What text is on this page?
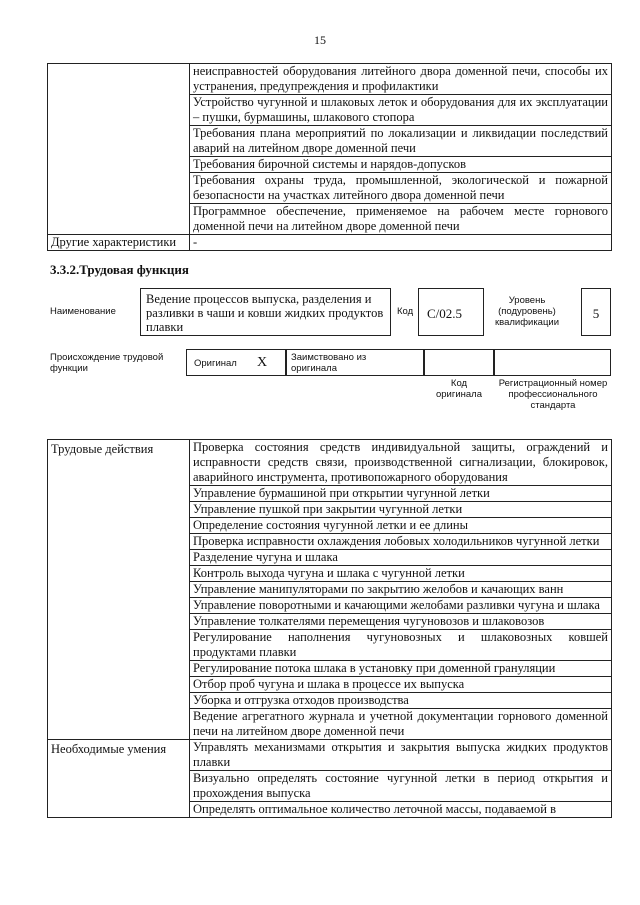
15
	неисправностей оборудования литейного двора доменной печи, способы их устранения, предупреждения и профилактики
	Устройство чугунной и шлаковых леток и оборудования для их эксплуатации – пушки, бурмашины, шлакового стопора
	Требования плана мероприятий по локализации и ликвидации последствий аварий на литейном дворе доменной печи
	Требования бирочной системы и нарядов-допусков
	Требования охраны труда, промышленной, экологической и пожарной безопасности на участках литейного двора доменной печи
	Программное обеспечение, применяемое на рабочем месте горнового доменной печи на литейном дворе доменной печи
Другие характеристики	-
3.3.2.Трудовая функция
Наименование
Ведение процессов выпуска, разделения и разливки в чаши и ковши жидких продуктов плавки
Код	С/02.5
Уровень (подуровень) квалификации
5
Происхождение трудовой функции	Оригинал X	Заимствовано из оригинала
Код оригинала
Регистрационный номер профессионального стандарта
Трудовые действия	Проверка состояния средств индивидуальной защиты, ограждений и исправности средств связи, производственной сигнализации, блокировок, аварийного инструмента, противопожарного оборудования
	Управление бурмашиной при открытии чугунной летки
	Управление пушкой при закрытии чугунной летки
	Определение состояния чугунной летки и ее длины
	Проверка исправности охлаждения лобовых холодильников чугунной летки
	Разделение чугуна и шлака
	Контроль выхода чугуна и шлака с чугунной летки
	Управление манипуляторами по закрытию желобов и качающих ванн
	Управление поворотными и качающими желобами разливки чугуна и шлака
	Управление толкателями перемещения чугуновозов и шлаковозов
	Регулирование наполнения чугуновозных и шлаковозных ковшей продуктами плавки
	Регулирование потока шлака в установку при доменной грануляции
	Отбор проб чугуна и шлака в процессе их выпуска
	Уборка и отгрузка отходов производства
	Ведение агрегатного журнала и учетной документации горнового доменной печи на литейном дворе доменной печи
Необходимые умения	Управлять механизмами открытия и закрытия выпуска жидких продуктов плавки
	Визуально определять состояние чугунной летки в период открытия и прохождения выпуска
	Определять оптимальное количество леточной массы, подаваемой в
